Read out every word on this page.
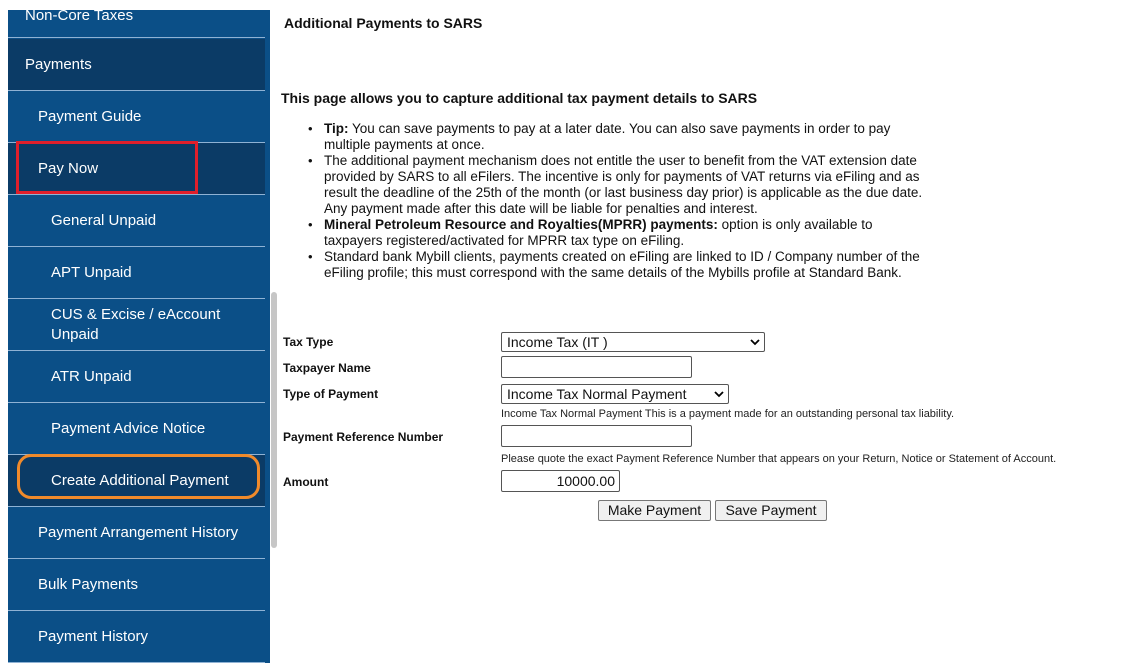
Non-Core Taxes
Payments
Payment Guide
Pay Now
General Unpaid
APT Unpaid
CUS & Excise / eAccount Unpaid
ATR Unpaid
Payment Advice Notice
Create Additional Payment
Payment Arrangement History
Bulk Payments
Payment History
Additional Payments to SARS
This page allows you to capture additional tax payment details to SARS
• Tip: You can save payments to pay at a later date. You can also save payments in order to pay multiple payments at once.
• The additional payment mechanism does not entitle the user to benefit from the VAT extension date provided by SARS to all eFilers. The incentive is only for payments of VAT returns via eFiling and as result the deadline of the 25th of the month (or last business day prior) is applicable as the due date. Any payment made after this date will be liable for penalties and interest.
• Mineral Petroleum Resource and Royalties(MPRR) payments: option is only available to taxpayers registered/activated for MPRR tax type on eFiling.
• Standard bank Mybill clients, payments created on eFiling are linked to ID / Company number of the eFiling profile; this must correspond with the same details of the Mybills profile at Standard Bank.
Tax Type	Income Tax (IT )
Taxpayer Name
Type of Payment	Income Tax Normal Payment
Income Tax Normal Payment This is a payment made for an outstanding personal tax liability.
Payment Reference Number
Please quote the exact Payment Reference Number that appears on your Return, Notice or Statement of Account.
Amount	10000.00
Make Payment	Save Payment
